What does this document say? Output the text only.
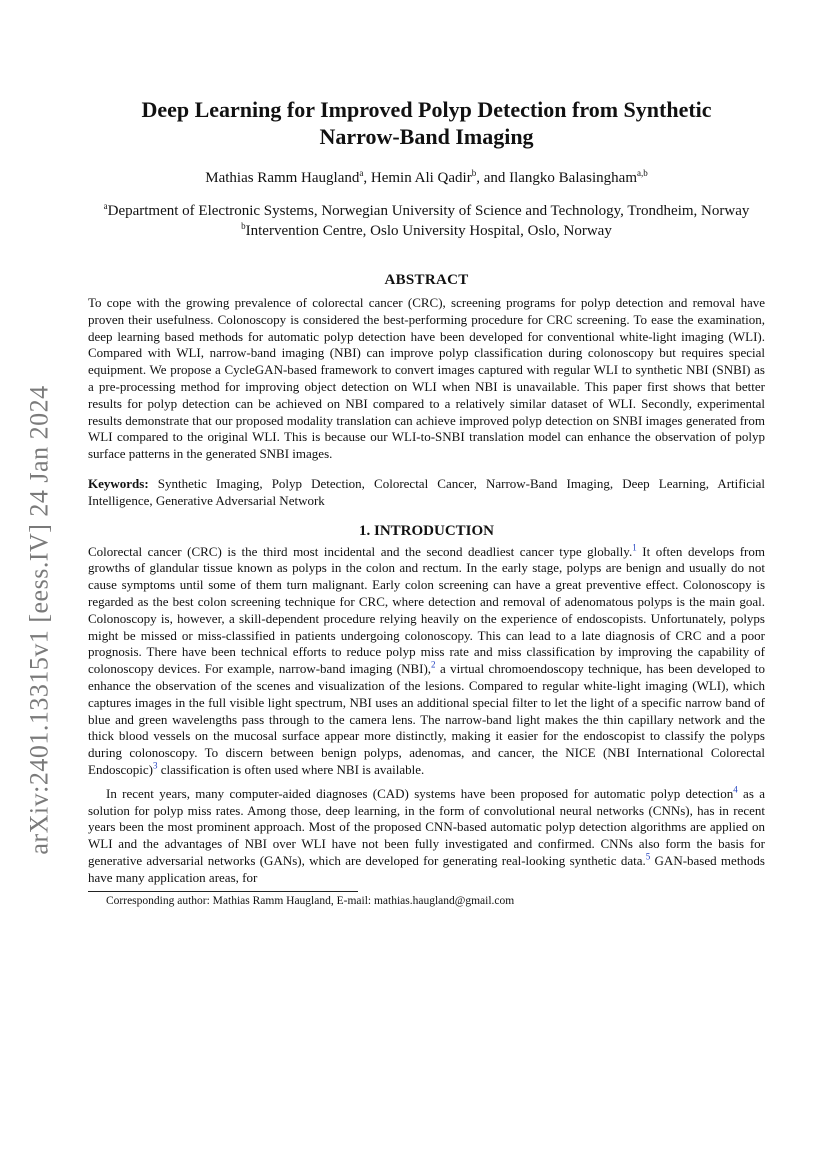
arXiv:2401.13315v1 [eess.IV] 24 Jan 2024
Deep Learning for Improved Polyp Detection from Synthetic
Narrow-Band Imaging
Mathias Ramm Haugland$^a$, Hemin Ali Qadir$^b$, and Ilangko Balasingham$^{a,b}$
$^a$Department of Electronic Systems, Norwegian University of Science and Technology, Trondheim, Norway
$^b$Intervention Centre, Oslo University Hospital, Oslo, Norway
ABSTRACT

To cope with the growing prevalence of colorectal cancer (CRC), screening programs for polyp detection and removal have proven their usefulness. Colonoscopy is considered the best-performing procedure for CRC screening. To ease the examination, deep learning based methods for automatic polyp detection have been developed for conventional white-light imaging (WLI). Compared with WLI, narrow-band imaging (NBI) can improve polyp classification during colonoscopy but requires special equipment. We propose a CycleGAN-based framework to convert images captured with regular WLI to synthetic NBI (SNBI) as a pre-processing method for improving object detection on WLI when NBI is unavailable. This paper first shows that better results for polyp detection can be achieved on NBI compared to a relatively similar dataset of WLI. Secondly, experimental results demonstrate that our proposed modality translation can achieve improved polyp detection on SNBI images generated from WLI compared to the original WLI. This is because our WLI-to-SNBI translation model can enhance the observation of polyp surface patterns in the generated SNBI images.

Keywords: Synthetic Imaging, Polyp Detection, Colorectal Cancer, Narrow-Band Imaging, Deep Learning, Artificial Intelligence, Generative Adversarial Network

1. INTRODUCTION

Colorectal cancer (CRC) is the third most incidental and the second deadliest cancer type globally.$^1$ It often develops from growths of glandular tissue known as polyps in the colon and rectum. In the early stage, polyps are benign and usually do not cause symptoms until some of them turn malignant. Early colon screening can have a great preventive effect. Colonoscopy is regarded as the best colon screening technique for CRC, where detection and removal of adenomatous polyps is the main goal. Colonoscopy is, however, a skill-dependent procedure relying heavily on the experience of endoscopists. Unfortunately, polyps might be missed or miss-classified in patients undergoing colonoscopy. This can lead to a late diagnosis of CRC and a poor prognosis. There have been technical efforts to reduce polyp miss rate and miss classification by improving the capability of colonoscopy devices. For example, narrow-band imaging (NBI),$^2$ a virtual chromoendoscopy technique, has been developed to enhance the observation of the scenes and visualization of the lesions. Compared to regular white-light imaging (WLI), which captures images in the full visible light spectrum, NBI uses an additional special filter to let the light of a specific narrow band of blue and green wavelengths pass through to the camera lens. The narrow-band light makes the thin capillary network and the thick blood vessels on the mucosal surface appear more distinctly, making it easier for the endoscopist to classify the polyps during colonoscopy. To discern between benign polyps, adenomas, and cancer, the NICE (NBI International Colorectal Endoscopic)$^3$ classification is often used where NBI is available.

In recent years, many computer-aided diagnoses (CAD) systems have been proposed for automatic polyp detection$^4$ as a solution for polyp miss rates. Among those, deep learning, in the form of convolutional neural networks (CNNs), has in recent years been the most prominent approach. Most of the proposed CNN-based automatic polyp detection algorithms are applied on WLI and the advantages of NBI over WLI have not been fully investigated and confirmed. CNNs also form the basis for generative adversarial networks (GANs), which are developed for generating real-looking synthetic data.$^5$ GAN-based methods have many application areas, for

Corresponding author: Mathias Ramm Haugland, E-mail: mathias.haugland@gmail.com
